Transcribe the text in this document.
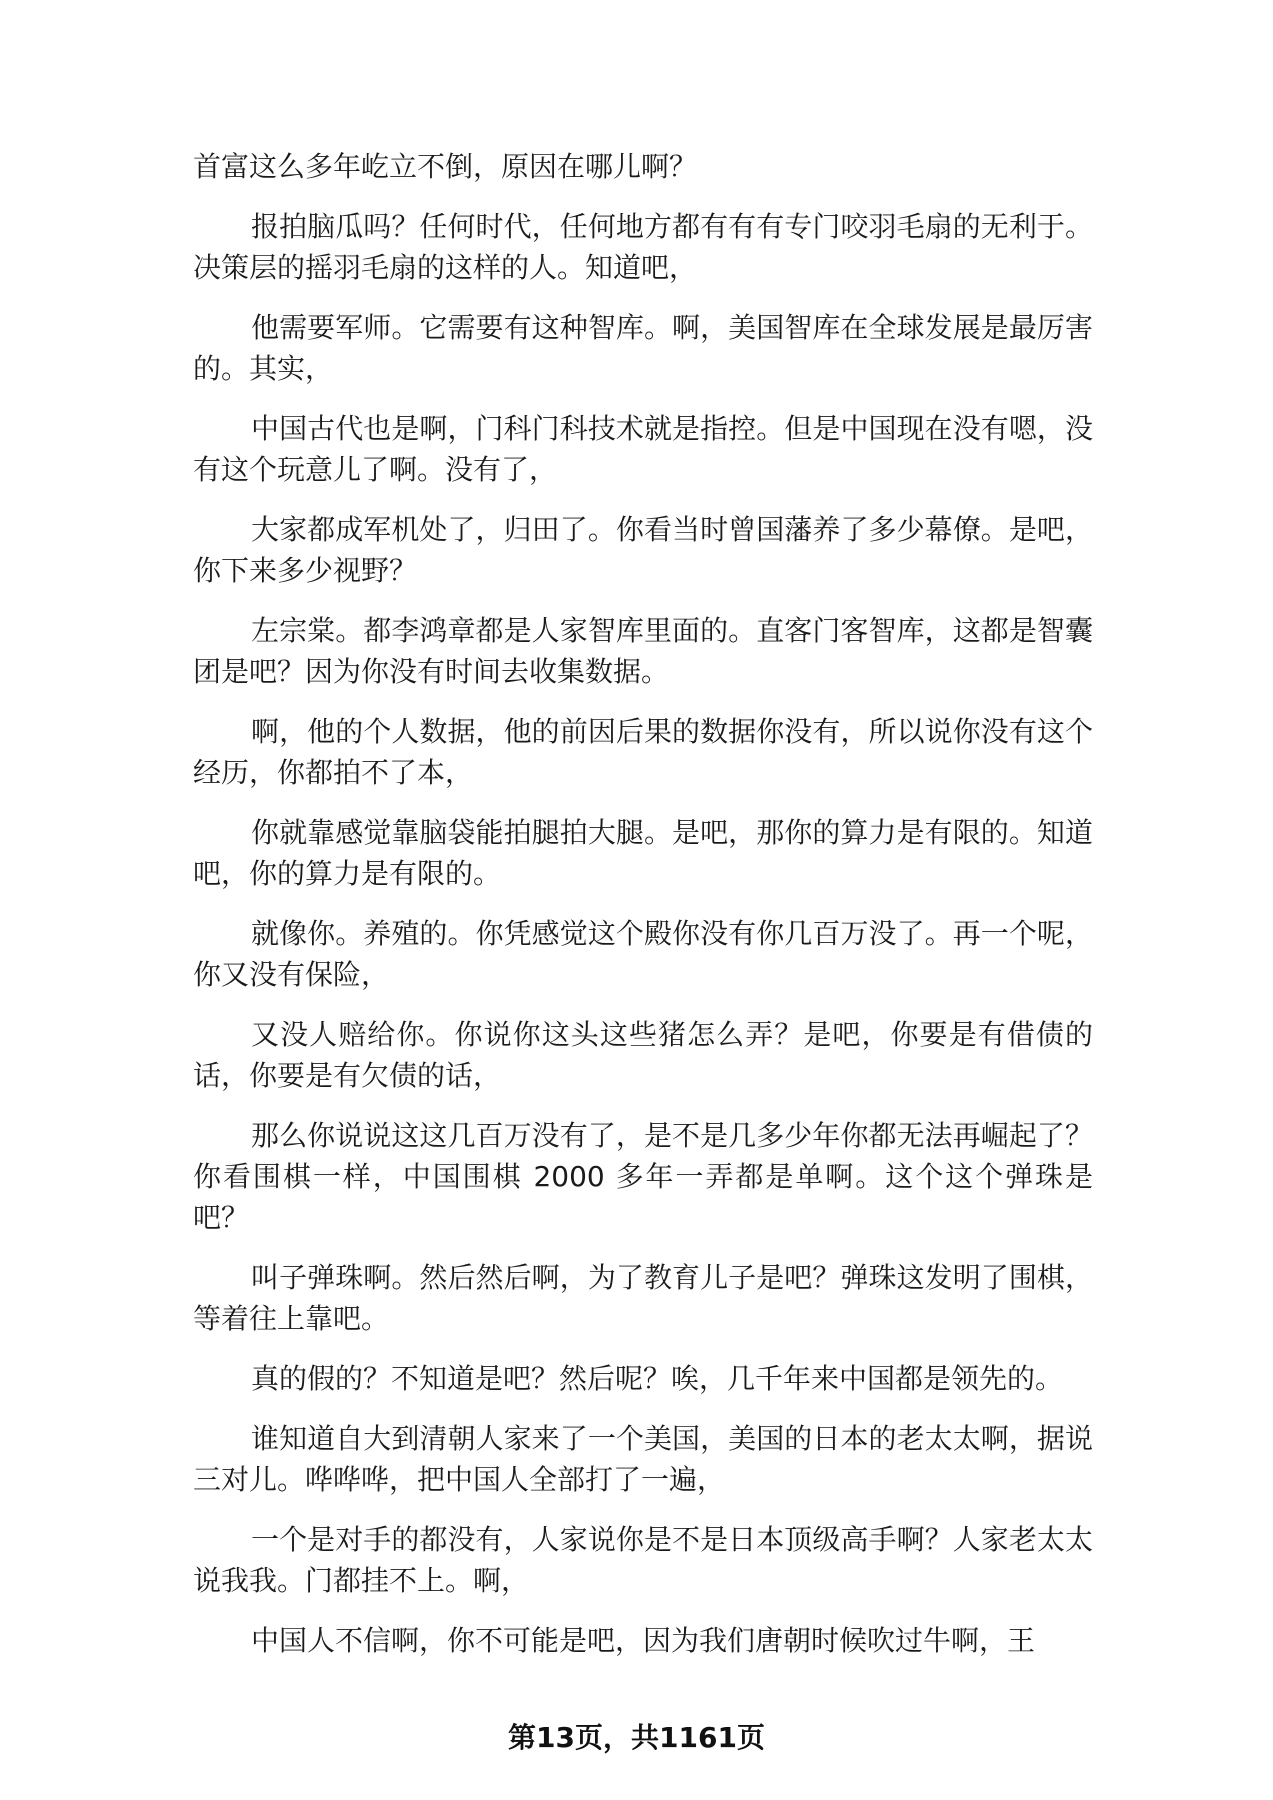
首富这么多年屹立不倒，原因在哪儿啊？

报拍脑瓜吗？任何时代，任何地方都有有有专门咬羽毛扇的无利于。决策层的摇羽毛扇的这样的人。知道吧，

他需要军师。它需要有这种智库。啊，美国智库在全球发展是最厉害的。其实，

中国古代也是啊，门科门科技术就是指控。但是中国现在没有嗯，没有这个玩意儿了啊。没有了，

大家都成军机处了，归田了。你看当时曾国藩养了多少幕僚。是吧，你下来多少视野？

左宗棠。都李鸿章都是人家智库里面的。直客门客智库，这都是智囊团是吧？因为你没有时间去收集数据。

啊，他的个人数据，他的前因后果的数据你没有，所以说你没有这个经历，你都拍不了本，

你就靠感觉靠脑袋能拍腿拍大腿。是吧，那你的算力是有限的。知道吧，你的算力是有限的。

就像你。养殖的。你凭感觉这个殿你没有你几百万没了。再一个呢，你又没有保险，

又没人赔给你。你说你这头这些猪怎么弄？是吧，你要是有借债的话，你要是有欠债的话，

那么你说说这这几百万没有了，是不是几多少年你都无法再崛起了？你看围棋一样，中国围棋 2000 多年一弄都是单啊。这个这个弹珠是吧？

叫子弹珠啊。然后然后啊，为了教育儿子是吧？弹珠这发明了围棋，等着往上靠吧。

真的假的？不知道是吧？然后呢？唉，几千年来中国都是领先的。

谁知道自大到清朝人家来了一个美国，美国的日本的老太太啊，据说三对儿。哗哗哗，把中国人全部打了一遍，

一个是对手的都没有，人家说你是不是日本顶级高手啊？人家老太太说我我。门都挂不上。啊，

中国人不信啊，你不可能是吧，因为我们唐朝时候吹过牛啊，王

第13页，共1161页
